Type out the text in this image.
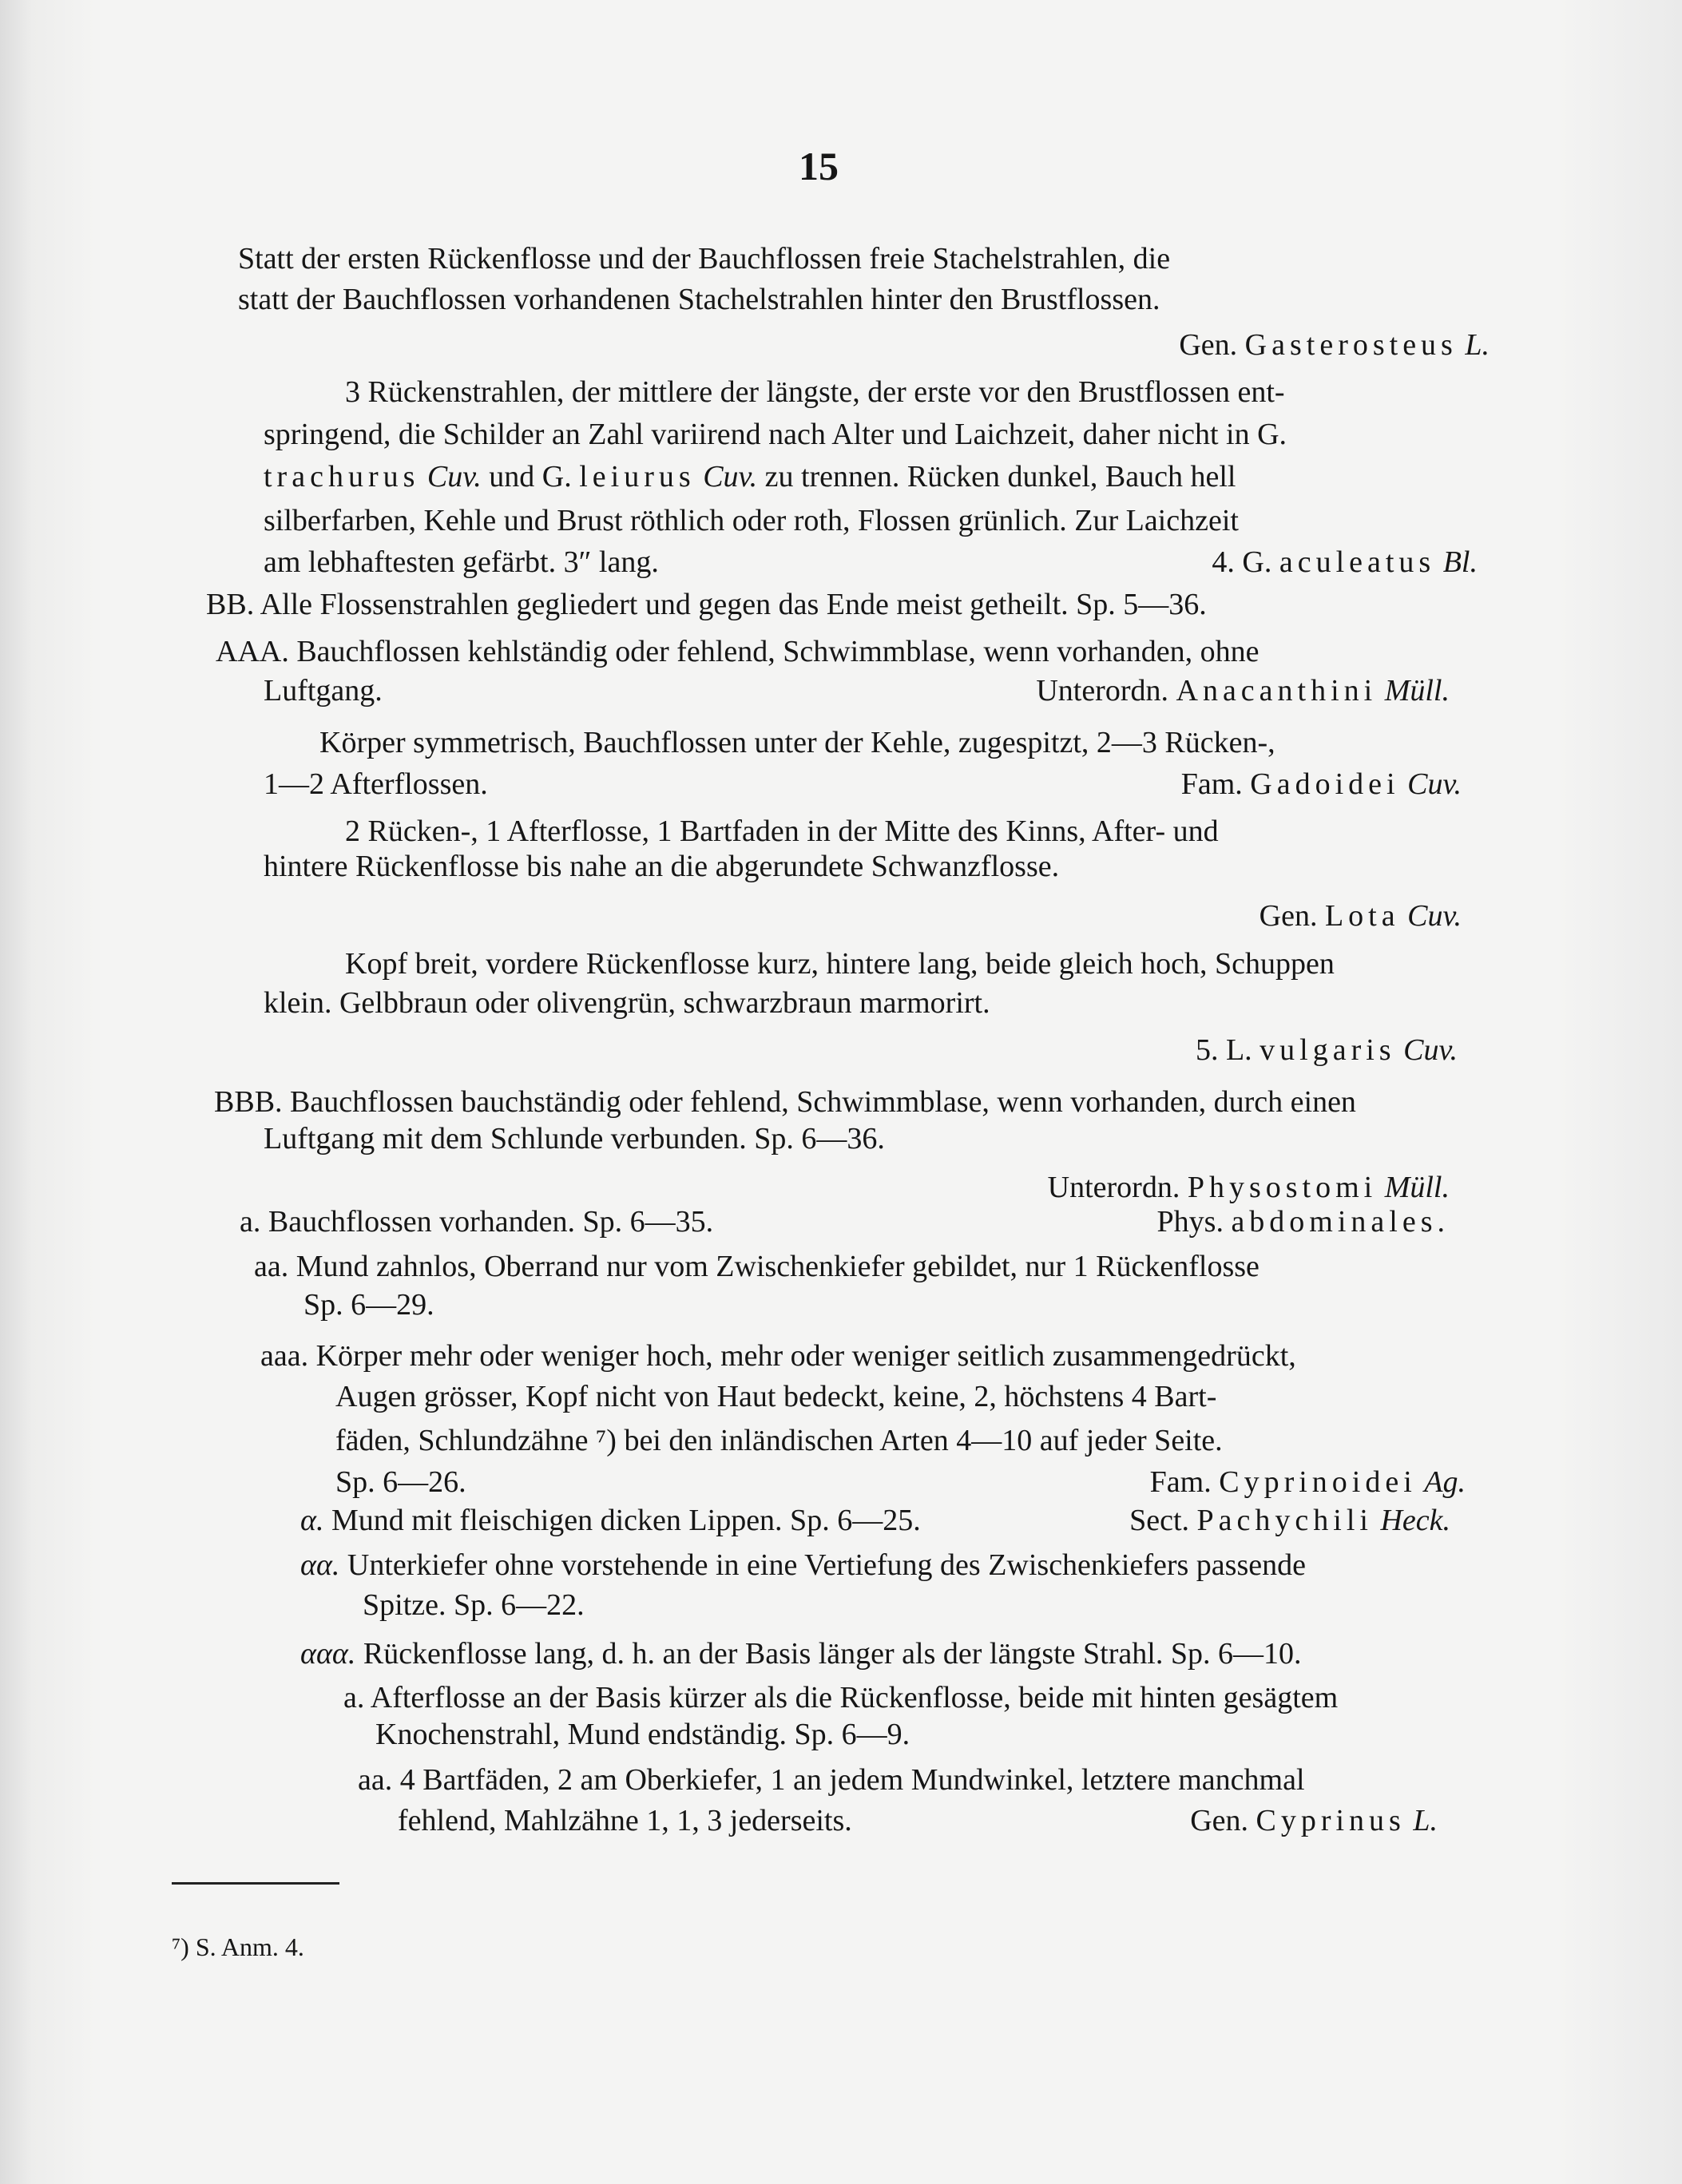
15
Statt der ersten Rückenflosse und der Bauchflossen freie Stachelstrahlen, die
statt der Bauchflossen vorhandenen Stachelstrahlen hinter den Brustflossen.
Gen. Gasterosteus L.
3 Rückenstrahlen, der mittlere der längste, der erste vor den Brustflossen ent-
springend, die Schilder an Zahl variirend nach Alter und Laichzeit, daher nicht in G.
trachurus Cuv. und G. leiurus Cuv. zu trennen. Rücken dunkel, Bauch hell
silberfarben, Kehle und Brust röthlich oder roth, Flossen grünlich. Zur Laichzeit
am lebhaftesten gefärbt. 3″ lang.	4. G. aculeatus Bl.
BB. Alle Flossenstrahlen gegliedert und gegen das Ende meist getheilt. Sp. 5—36.
AAA. Bauchflossen kehlständig oder fehlend, Schwimmblase, wenn vorhanden, ohne
Luftgang.	Unterordn. Anacanthini Müll.
Körper symmetrisch, Bauchflossen unter der Kehle, zugespitzt, 2—3 Rücken-,
1—2 Afterflossen.	Fam. Gadoidei Cuv.
2 Rücken-, 1 Afterflosse, 1 Bartfaden in der Mitte des Kinns, After- und
hintere Rückenflosse bis nahe an die abgerundete Schwanzflosse.
Gen. Lota Cuv.
Kopf breit, vordere Rückenflosse kurz, hintere lang, beide gleich hoch, Schuppen
klein. Gelbbraun oder olivengrün, schwarzbraun marmorirt.
5. L. vulgaris Cuv.
BBB. Bauchflossen bauchständig oder fehlend, Schwimmblase, wenn vorhanden, durch einen
Luftgang mit dem Schlunde verbunden. Sp. 6—36.
Unterordn. Physostomi Müll.
a. Bauchflossen vorhanden. Sp. 6—35.	Phys. abdominales.
aa. Mund zahnlos, Oberrand nur vom Zwischenkiefer gebildet, nur 1 Rückenflosse
Sp. 6—29.
aaa. Körper mehr oder weniger hoch, mehr oder weniger seitlich zusammengedrückt,
Augen grösser, Kopf nicht von Haut bedeckt, keine, 2, höchstens 4 Bart-
fäden, Schlundzähne ⁷) bei den inländischen Arten 4—10 auf jeder Seite.
Sp. 6—26.	Fam. Cyprinoidei Ag.
α. Mund mit fleischigen dicken Lippen. Sp. 6—25.	Sect. Pachychili Heck.
αα. Unterkiefer ohne vorstehende in eine Vertiefung des Zwischenkiefers passende
Spitze. Sp. 6—22.
ααα. Rückenflosse lang, d. h. an der Basis länger als der längste Strahl. Sp. 6—10.
a. Afterflosse an der Basis kürzer als die Rückenflosse, beide mit hinten gesägtem
Knochenstrahl, Mund endständig. Sp. 6—9.
aa. 4 Bartfäden, 2 am Oberkiefer, 1 an jedem Mundwinkel, letztere manchmal
fehlend, Mahlzähne 1, 1, 3 jederseits.	Gen. Cyprinus L.
⁷) S. Anm. 4.
